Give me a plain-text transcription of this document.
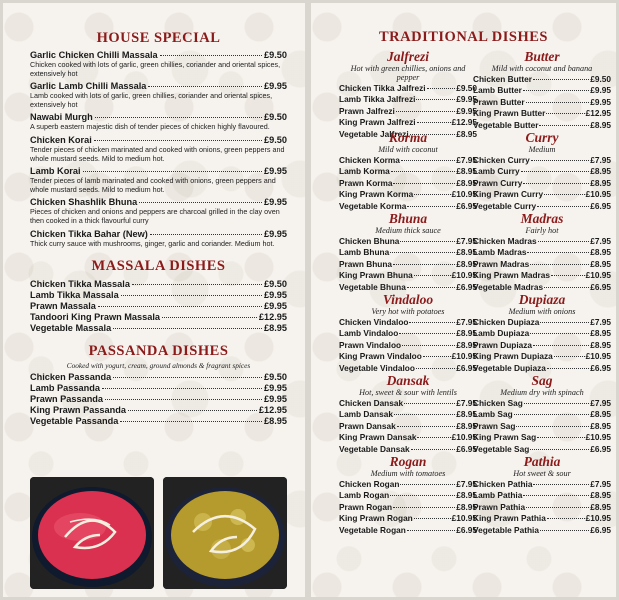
HOUSE SPECIAL
Garlic Chicken Chilli Massala	£9.50
Chicken cooked with lots of garlic, green chillies, coriander and oriental spices, extensively hot
Garlic Lamb Chilli Massala	£9.95
Lamb cooked with lots of garlic, green chillies, coriander and oriental spices, extensively hot
Nawabi Murgh	£9.50
A superb eastern majestic dish of tender pieces of chicken highly flavoured.
Chicken Korai	£9.50
Tender pieces of chicken marinated and cooked with onions, green peppers and whole mustard seeds. Mild to medium hot.
Lamb Korai	£9.95
Tender pieces of lamb marinated and cooked with onions, green peppers and whole mustard seeds. Mild to medium hot.
Chicken Shashlik Bhuna	£9.95
Pieces of chicken and onions and peppers are charcoal grilled in the clay oven then cooked in a thick flavourful curry
Chicken Tikka Bahar (New)	£9.95
Thick curry sauce with mushrooms, ginger, garlic and coriander. Medium hot.
MASSALA DISHES
Chicken Tikka Massala	£9.50
Lamb Tikka Massala	£9.95
Prawn Massala	£9.95
Tandoori King Prawn Massala	£12.95
Vegetable Massala	£8.95
PASSANDA DISHES
Cooked with yogurt, cream, ground almonds & fragrant spices
Chicken Passanda	£9.50
Lamb Passanda	£9.95
Prawn Passanda	£9.95
King Prawn Passanda	£12.95
Vegetable Passanda	£8.95
TRADITIONAL DISHES
Jalfrezi
Hot with green chillies, onions and pepper
Chicken Tikka Jalfrezi	£9.50
Lamb Tikka Jalfrezi	£9.95
Prawn Jalfrezi	£9.95
King Prawn Jalfrezi	£12.95
Vegetable Jalfrezi	£8.95
Korma
Mild with coconut
Chicken Korma	£7.95
Lamb Korma	£8.95
Prawn Korma	£8.95
King Prawn Korma	£10.95
Vegetable Korma	£6.95
Bhuna
Medium thick sauce
Chicken Bhuna	£7.95
Lamb Bhuna	£8.95
Prawn Bhuna	£8.95
King Prawn Bhuna	£10.95
Vegetable Bhuna	£6.95
Vindaloo
Very hot with potatoes
Chicken Vindaloo	£7.95
Lamb Vindaloo	£8.95
Prawn Vindaloo	£8.95
King Prawn Vindaloo	£10.95
Vegetable Vindaloo	£6.95
Dansak
Hot, sweet & sour with lentils
Chicken Dansak	£7.95
Lamb Dansak	£8.95
Prawn Dansak	£8.95
King Prawn Dansak	£10.95
Vegetable Dansak	£6.95
Rogan
Medium with tomatoes
Chicken Rogan	£7.95
Lamb Rogan	£8.95
Prawn Rogan	£8.95
King Prawn Rogan	£10.95
Vegetable Rogan	£6.95
Butter
Mild with coconut and banana
Chicken Butter	£9.50
Lamb Butter	£9.95
Prawn Butter	£9.95
King Prawn Butter	£12.95
Vegetable Butter	£8.95
Curry
Medium
Chicken Curry	£7.95
Lamb Curry	£8.95
Prawn Curry	£8.95
King Prawn Curry	£10.95
Vegetable Curry	£6.95
Madras
Fairly hot
Chicken Madras	£7.95
Lamb Madras	£8.95
Prawn Madras	£8.95
King Prawn Madras	£10.95
Vegetable Madras	£6.95
Dupiaza
Medium with onions
Chicken Dupiaza	£7.95
Lamb Dupiaza	£8.95
Prawn Dupiaza	£8.95
King Prawn Dupiaza	£10.95
Vegetable Dupiaza	£6.95
Sag
Medium dry with spinach
Chicken Sag	£7.95
Lamb Sag	£8.95
Prawn Sag	£8.95
King Prawn Sag	£10.95
Vegetable Sag	£6.95
Pathia
Hot sweet & sour
Chicken Pathia	£7.95
Lamb Pathia	£8.95
Prawn Pathia	£8.95
King Prawn Pathia	£10.95
Vegetable Pathia	£6.95
